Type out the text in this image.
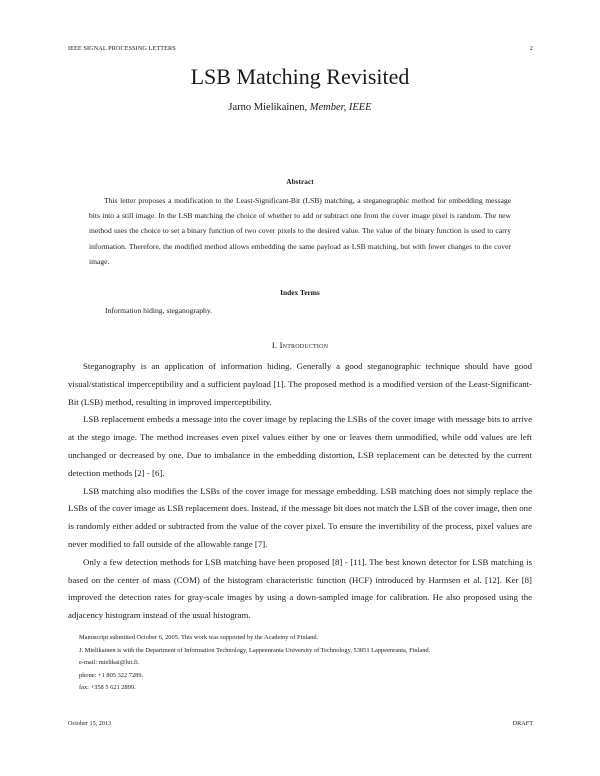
IEEE SIGNAL PROCESSING LETTERS	2
LSB Matching Revisited
Jarno Mielikainen, Member, IEEE
Abstract
This letter proposes a modification to the Least-Significant-Bit (LSB) matching, a steganographic method for embedding message bits into a still image. In the LSB matching the choice of whether to add or subtract one from the cover image pixel is random. The new method uses the choice to set a binary function of two cover pixels to the desired value. The value of the binary function is used to carry information. Therefore, the modified method allows embedding the same payload as LSB matching, but with fewer changes to the cover image.
Index Terms
Information hiding, steganography.
I. Introduction

Steganography is an application of information hiding. Generally a good steganographic technique should have good visual/statistical imperceptibility and a sufficient payload [1]. The proposed method is a modified version of the Least-Significant-Bit (LSB) method, resulting in improved imperceptibility.

LSB replacement embeds a message into the cover image by replacing the LSBs of the cover image with message bits to arrive at the stego image. The method increases even pixel values either by one or leaves them unmodified, while odd values are left unchanged or decreased by one. Due to imbalance in the embedding distortion, LSB replacement can be detected by the current detection methods [2] - [6].

LSB matching also modifies the LSBs of the cover image for message embedding. LSB matching does not simply replace the LSBs of the cover image as LSB replacement does. Instead, if the message bit does not match the LSB of the cover image, then one is randomly either added or subtracted from the value of the cover pixel. To ensure the invertibility of the process, pixel values are never modified to fall outside of the allowable range [7].

Only a few detection methods for LSB matching have been proposed [8] - [11]. The best known detector for LSB matching is based on the center of mass (COM) of the histogram characteristic function (HCF) introduced by Harmsen et al. [12]. Ker [8] improved the detection rates for gray-scale images by using a down-sampled image for calibration. He also proposed using the adjacency histogram instead of the usual histogram.

Manuscript submitted October 6, 2005. This work was supported by the Academy of Finland.
J. Mielikainen is with the Department of Information Technology, Lappeenranta University of Technology, 53851 Lappeenranta, Finland.
e-mail: mielikai@lut.fi.
phone: +1 805 322 7289.
fax: +358 5 621 2899.
October 15, 2013	DRAFT
